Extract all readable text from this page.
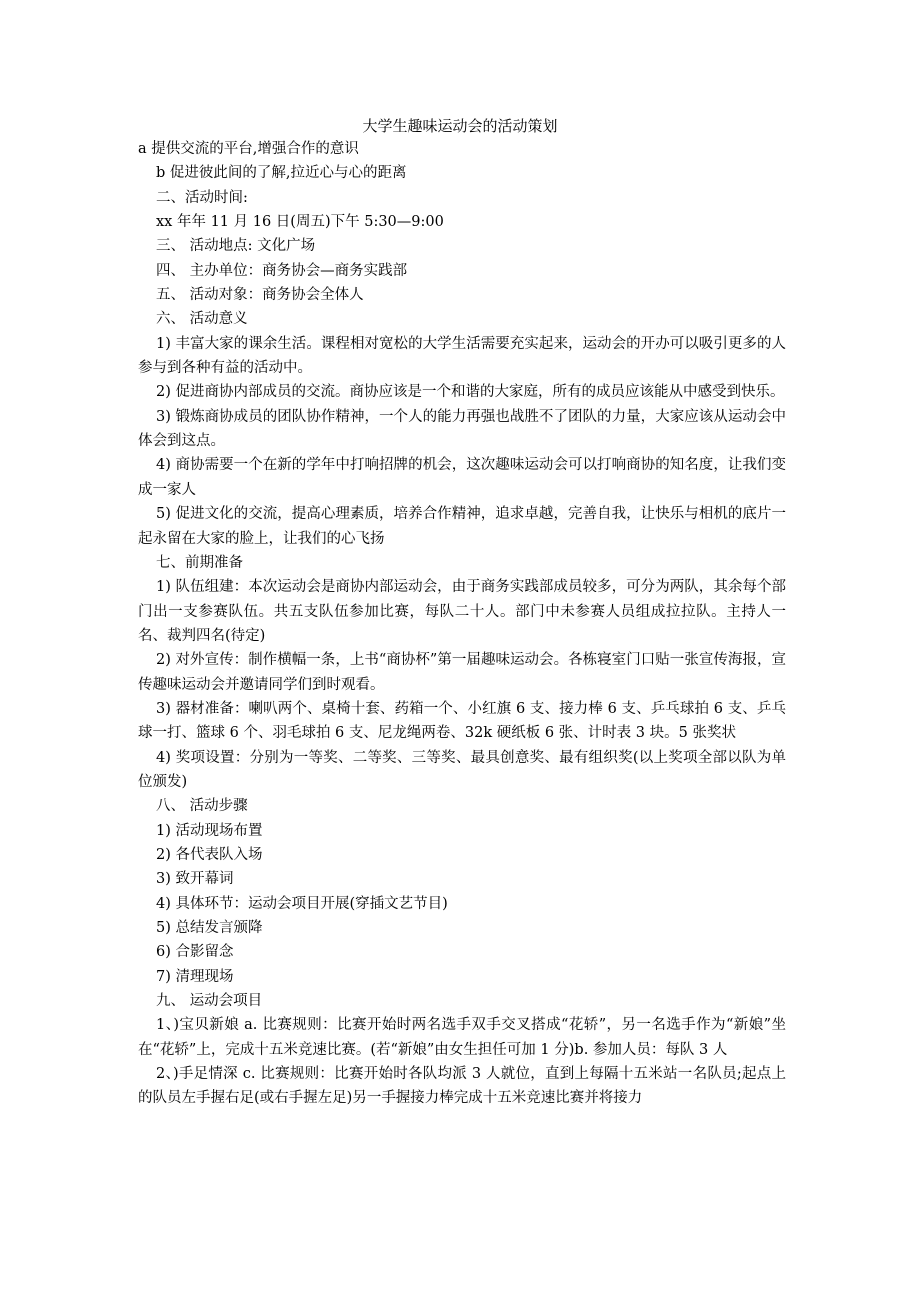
大学生趣味运动会的活动策划

a 提供交流的平台,增强合作的意识

b 促进彼此间的了解,拉近心与心的距离

二、活动时间:

xx 年年 11 月 16 日(周五)下午 5:30—9:00

三、 活动地点: 文化广场

四、 主办单位：商务协会—商务实践部

五、 活动对象：商务协会全体人

六、 活动意义

1) 丰富大家的课余生活。课程相对宽松的大学生活需要充实起来，运动会的开办可以吸引更多的人参与到各种有益的活动中。

2) 促进商协内部成员的交流。商协应该是一个和谐的大家庭，所有的成员应该能从中感受到快乐。

3) 锻炼商协成员的团队协作精神，一个人的能力再强也战胜不了团队的力量，大家应该从运动会中体会到这点。

4) 商协需要一个在新的学年中打响招牌的机会，这次趣味运动会可以打响商协的知名度，让我们变成一家人

5) 促进文化的交流，提高心理素质，培养合作精神，追求卓越，完善自我，让快乐与相机的底片一起永留在大家的脸上，让我们的心飞扬

七、前期准备

1) 队伍组建：本次运动会是商协内部运动会，由于商务实践部成员较多，可分为两队，其余每个部门出一支参赛队伍。共五支队伍参加比赛，每队二十人。部门中未参赛人员组成拉拉队。主持人一名、裁判四名(待定)

2) 对外宣传：制作横幅一条，上书“商协杯”第一届趣味运动会。各栋寝室门口贴一张宣传海报，宣传趣味运动会并邀请同学们到时观看。

3) 器材准备：喇叭两个、桌椅十套、药箱一个、小红旗 6 支、接力棒 6 支、乒乓球拍 6 支、乒乓球一打、篮球 6 个、羽毛球拍 6 支、尼龙绳两卷、32k 硬纸板 6 张、计时表 3 块。5 张奖状

4) 奖项设置：分别为一等奖、二等奖、三等奖、最具创意奖、最有组织奖(以上奖项全部以队为单位颁发)

八、 活动步骤

1) 活动现场布置

2) 各代表队入场

3) 致开幕词

4) 具体环节：运动会项目开展(穿插文艺节目)

5) 总结发言颁降

6) 合影留念

7) 清理现场

九、 运动会项目

1、)宝贝新娘 a. 比赛规则：比赛开始时两名选手双手交叉搭成“花轿”，另一名选手作为“新娘”坐在“花轿”上，完成十五米竞速比赛。(若“新娘”由女生担任可加 1 分)b. 参加人员：每队 3 人

2、)手足情深 c. 比赛规则：比赛开始时各队均派 3 人就位，直到上每隔十五米站一名队员;起点上的队员左手握右足(或右手握左足)另一手握接力棒完成十五米竞速比赛并将接力
